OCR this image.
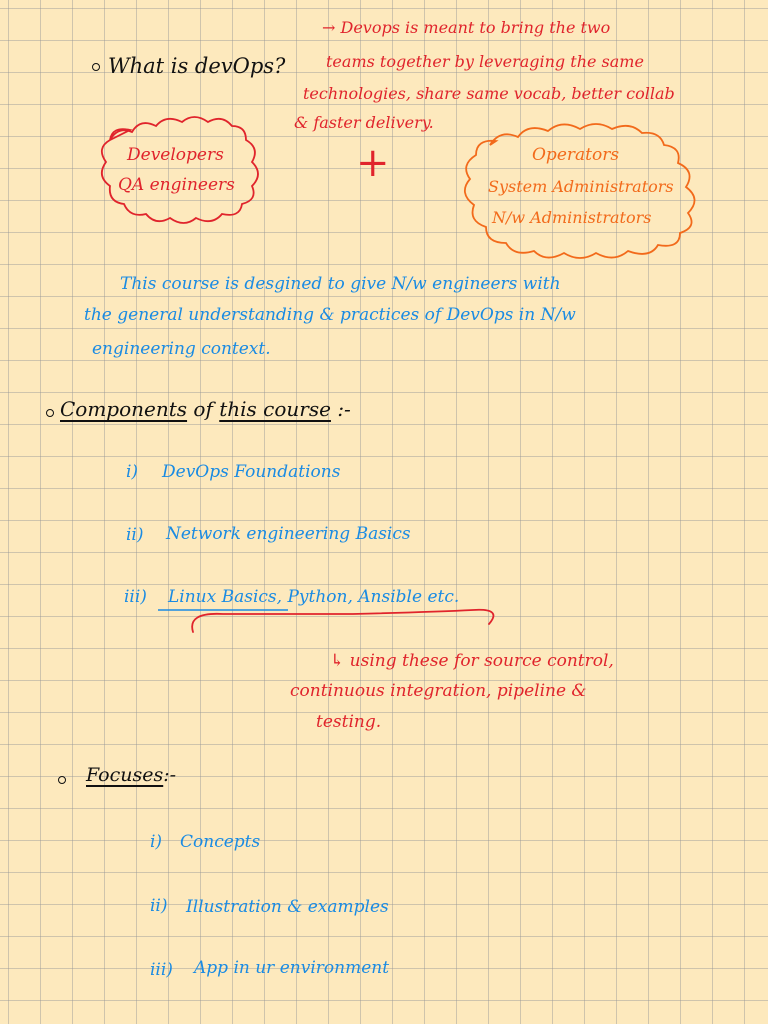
What is devOps?
→ Devops is meant to bring the two
teams together by leveraging the same
technologies, share same vocab, better collab
& faster delivery.
Developers
QA engineers	+	Operators
System Administrators
N/w Administrators
This course is desgined to give N/w engineers with
the general understanding & practices of DevOps in N/w
engineering context.
Components of this course :-
i) DevOps Foundations
ii) Network engineering Basics
iii) Linux Basics, Python, Ansible etc.
↳ using these for source control,
continuous integration, pipeline &
testing.
Focuses:-
i) Concepts
ii) Illustration & examples
iii) App in ur environment
